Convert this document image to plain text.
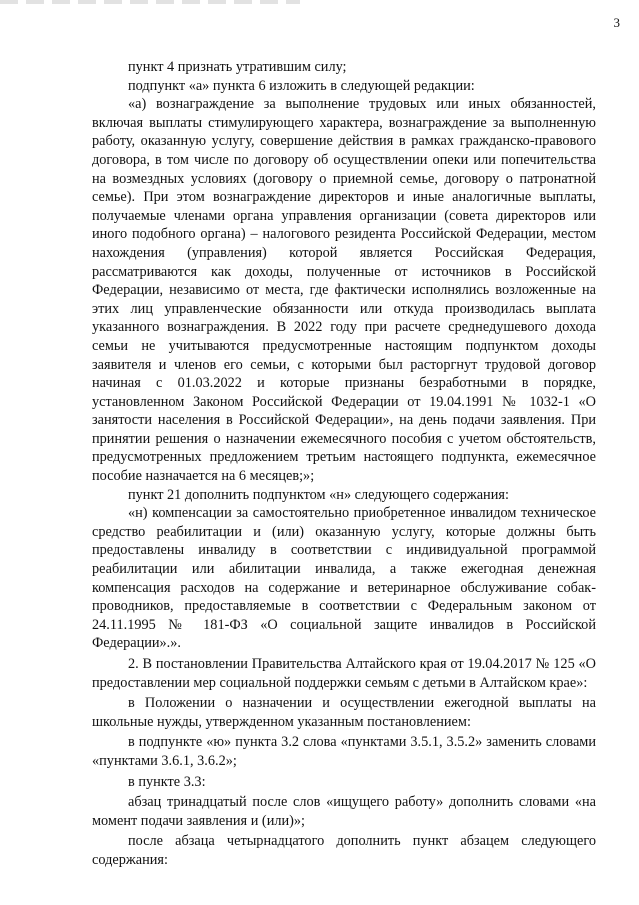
3

пункт 4 признать утратившим силу;

подпункт «а» пункта 6 изложить в следующей редакции:

«а) вознаграждение за выполнение трудовых или иных обязанностей, включая выплаты стимулирующего характера, вознаграждение за выполненную работу, оказанную услугу, совершение действия в рамках гражданско-правового договора, в том числе по договору об осуществлении опеки или попечительства на возмездных условиях (договору о приемной семье, договору о патронатной семье). При этом вознаграждение директоров и иные аналогичные выплаты, получаемые членами органа управления организации (совета директоров или иного подобного органа) – налогового резидента Российской Федерации, местом нахождения (управления) которой является Российская Федерация, рассматриваются как доходы, полученные от источников в Российской Федерации, независимо от места, где фактически исполнялись возложенные на этих лиц управленческие обязанности или откуда производилась выплата указанного вознаграждения. В 2022 году при расчете среднедушевого дохода семьи не учитываются предусмотренные настоящим подпунктом доходы заявителя и членов его семьи, с которыми был расторгнут трудовой договор начиная с 01.03.2022 и которые признаны безработными в порядке, установленном Законом Российской Федерации от 19.04.1991 № 1032-1 «О занятости населения в Российской Федерации», на день подачи заявления. При принятии решения о назначении ежемесячного пособия с учетом обстоятельств, предусмотренных предложением третьим настоящего подпункта, ежемесячное пособие назначается на 6 месяцев;»;

пункт 21 дополнить подпунктом «н» следующего содержания:

«н) компенсации за самостоятельно приобретенное инвалидом техническое средство реабилитации и (или) оказанную услугу, которые должны быть предоставлены инвалиду в соответствии с индивидуальной программой реабилитации или абилитации инвалида, а также ежегодная денежная компенсация расходов на содержание и ветеринарное обслуживание собак-проводников, предоставляемые в соответствии с Федеральным законом от 24.11.1995 № 181-ФЗ «О социальной защите инвалидов в Российской Федерации».».

2. В постановлении Правительства Алтайского края от 19.04.2017 № 125 «О предоставлении мер социальной поддержки семьям с детьми в Алтайском крае»:

в Положении о назначении и осуществлении ежегодной выплаты на школьные нужды, утвержденном указанным постановлением:

в подпункте «ю» пункта 3.2 слова «пунктами 3.5.1, 3.5.2» заменить словами «пунктами 3.6.1, 3.6.2»;

в пункте 3.3:

абзац тринадцатый после слов «ищущего работу» дополнить словами «на момент подачи заявления и (или)»;

после абзаца четырнадцатого дополнить пункт абзацем следующего содержания:
